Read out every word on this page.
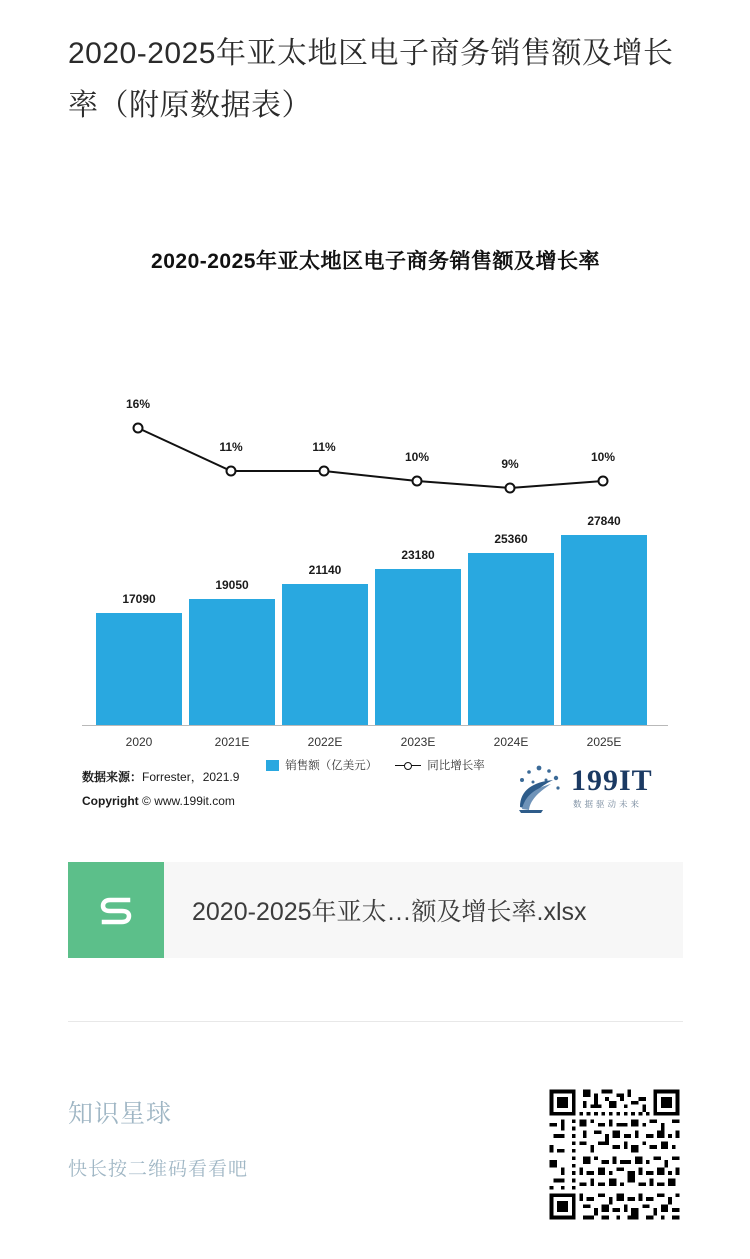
2020-2025年亚太地区电子商务销售额及增长率（附原数据表）
2020-2025年亚太地区电子商务销售额及增长率
16%
11%	11%
10%	9%	10%
17090
19050
21140
23180
25360
27840
2020	2021E	2022E	2023E	2024E	2025E
销售额（亿美元）	同比增长率
数据来源：Forrester，2021.9
Copyright © www.199it.com
199IT
数据驱动未来
2020-2025年亚太…额及增长率.xlsx
知识星球
快长按二维码看看吧
